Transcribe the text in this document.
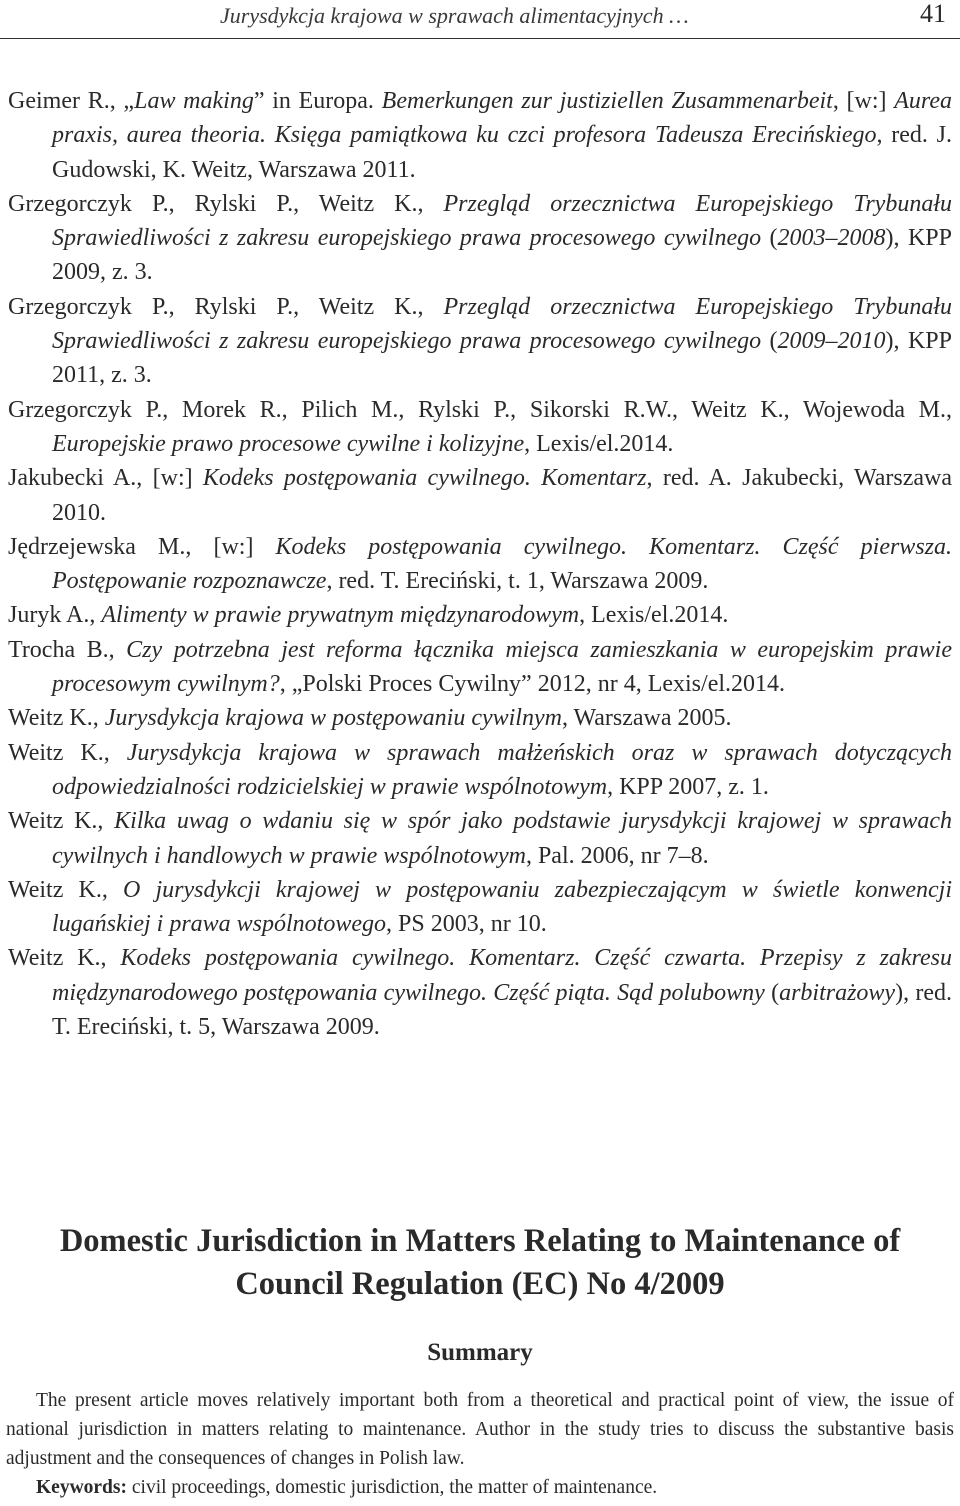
Jurysdykcja krajowa w sprawach alimentacyjnych …	41

Geimer R., „Law making” in Europa. Bemerkungen zur justiziellen Zusammenarbeit, [w:] Aurea praxis, aurea theoria. Księga pamiątkowa ku czci profesora Tadeusza Erecińskiego, red. J. Gudowski, K. Weitz, Warszawa 2011.

Grzegorczyk P., Rylski P., Weitz K., Przegląd orzecznictwa Europejskiego Trybunału Sprawiedliwości z zakresu europejskiego prawa procesowego cywilnego (2003–2008), KPP 2009, z. 3.

Grzegorczyk P., Rylski P., Weitz K., Przegląd orzecznictwa Europejskiego Trybunału Sprawiedliwości z zakresu europejskiego prawa procesowego cywilnego (2009–2010), KPP 2011, z. 3.

Grzegorczyk P., Morek R., Pilich M., Rylski P., Sikorski R.W., Weitz K., Wojewoda M., Europejskie prawo procesowe cywilne i kolizyjne, Lexis/el.2014.

Jakubecki A., [w:] Kodeks postępowania cywilnego. Komentarz, red. A. Jakubecki, Warszawa 2010.

Jędrzejewska M., [w:] Kodeks postępowania cywilnego. Komentarz. Część pierwsza. Postępowanie rozpoznawcze, red. T. Ereciński, t. 1, Warszawa 2009.

Juryk A., Alimenty w prawie prywatnym międzynarodowym, Lexis/el.2014.

Trocha B., Czy potrzebna jest reforma łącznika miejsca zamieszkania w europejskim prawie procesowym cywilnym?, „Polski Proces Cywilny” 2012, nr 4, Lexis/el.2014.

Weitz K., Jurysdykcja krajowa w postępowaniu cywilnym, Warszawa 2005.

Weitz K., Jurysdykcja krajowa w sprawach małżeńskich oraz w sprawach dotyczących odpowiedzialności rodzicielskiej w prawie wspólnotowym, KPP 2007, z. 1.

Weitz K., Kilka uwag o wdaniu się w spór jako podstawie jurysdykcji krajowej w sprawach cywilnych i handlowych w prawie wspólnotowym, Pal. 2006, nr 7–8.

Weitz K., O jurysdykcji krajowej w postępowaniu zabezpieczającym w świetle konwencji lugańskiej i prawa wspólnotowego, PS 2003, nr 10.

Weitz K., Kodeks postępowania cywilnego. Komentarz. Część czwarta. Przepisy z zakresu międzynarodowego postępowania cywilnego. Część piąta. Sąd polubowny (arbitrażowy), red. T. Ereciński, t. 5, Warszawa 2009.

Domestic Jurisdiction in Matters Relating to Maintenance of
Council Regulation (EC) No 4/2009
Summary

The present article moves relatively important both from a theoretical and practical point of view, the issue of national jurisdiction in matters relating to maintenance. Author in the study tries to discuss the substantive basis adjustment and the consequences of changes in Polish law.

Keywords: civil proceedings, domestic jurisdiction, the matter of maintenance.
